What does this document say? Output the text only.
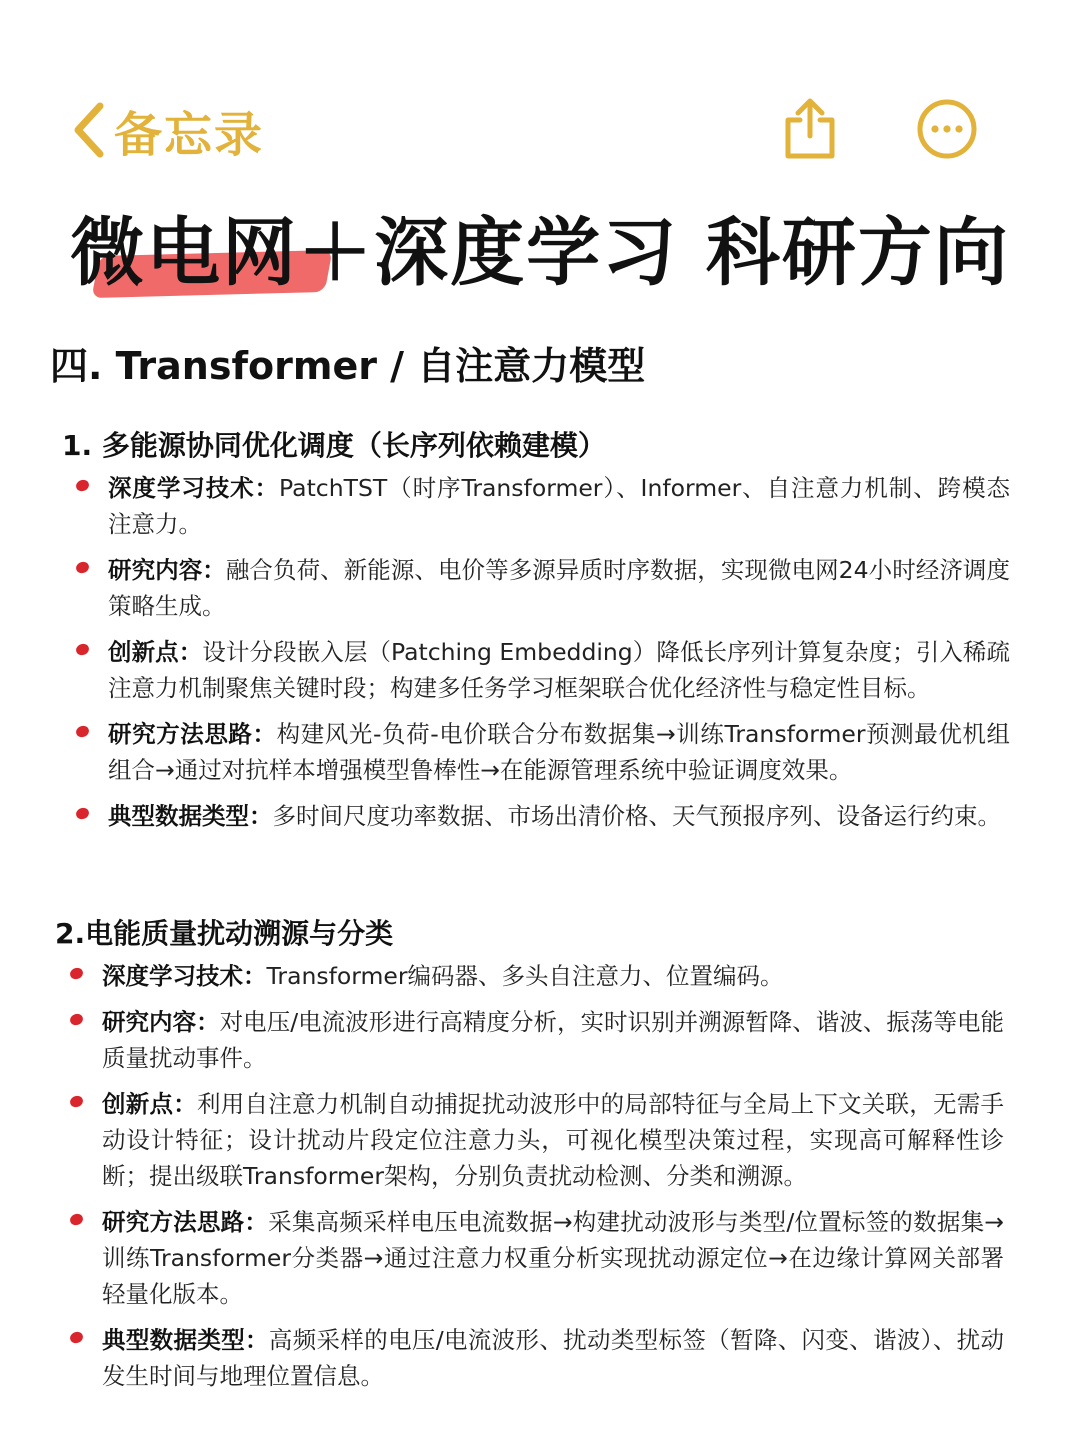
备忘录
微电网＋深度学习 科研方向
四. Transformer / 自注意力模型
1. 多能源协同优化调度（长序列依赖建模）
深度学习技术：PatchTST（时序Transformer）、Informer、自注意力机制、跨模态注意力。
研究内容：融合负荷、新能源、电价等多源异质时序数据，实现微电网24小时经济调度策略生成。
创新点：设计分段嵌入层（Patching Embedding）降低长序列计算复杂度；引入稀疏注意力机制聚焦关键时段；构建多任务学习框架联合优化经济性与稳定性目标。
研究方法思路：构建风光-负荷-电价联合分布数据集→训练Transformer预测最优机组组合→通过对抗样本增强模型鲁棒性→在能源管理系统中验证调度效果。
典型数据类型：多时间尺度功率数据、市场出清价格、天气预报序列、设备运行约束。
2.电能质量扰动溯源与分类
深度学习技术：Transformer编码器、多头自注意力、位置编码。
研究内容：对电压/电流波形进行高精度分析，实时识别并溯源暂降、谐波、振荡等电能质量扰动事件。
创新点：利用自注意力机制自动捕捉扰动波形中的局部特征与全局上下文关联，无需手动设计特征；设计扰动片段定位注意力头，可视化模型决策过程，实现高可解释性诊断；提出级联Transformer架构，分别负责扰动检测、分类和溯源。
研究方法思路：采集高频采样电压电流数据→构建扰动波形与类型/位置标签的数据集→训练Transformer分类器→通过注意力权重分析实现扰动源定位→在边缘计算网关部署轻量化版本。
典型数据类型：高频采样的电压/电流波形、扰动类型标签（暂降、闪变、谐波）、扰动发生时间与地理位置信息。
